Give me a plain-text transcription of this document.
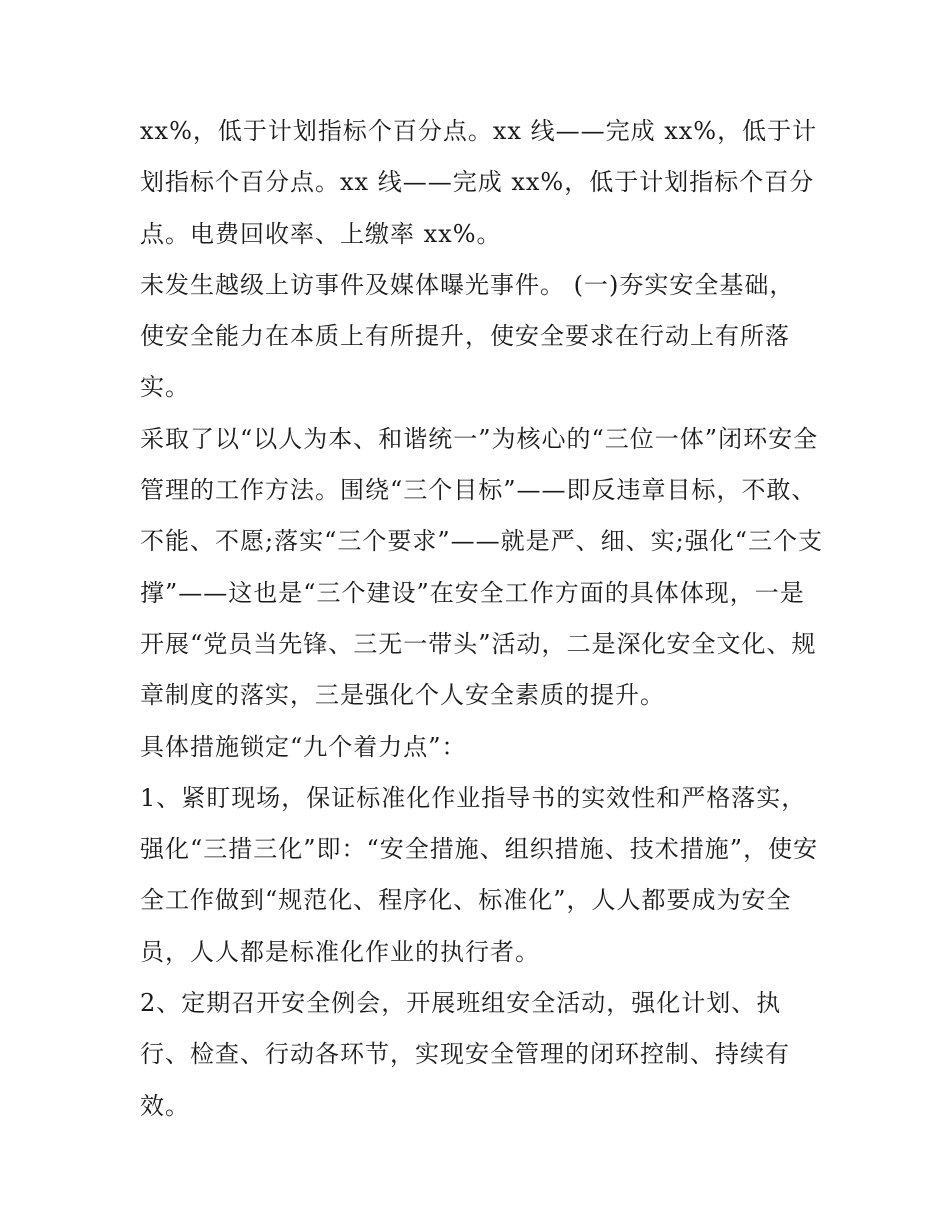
xx%，低于计划指标个百分点。xx 线——完成 xx%，低于计
划指标个百分点。xx 线——完成 xx%，低于计划指标个百分
点。电费回收率、上缴率 xx%。
未发生越级上访事件及媒体曝光事件。 (一)夯实安全基础，
使安全能力在本质上有所提升，使安全要求在行动上有所落
实。
采取了以“以人为本、和谐统一”为核心的“三位一体”闭环安全
管理的工作方法。围绕“三个目标”——即反违章目标，不敢、
不能、不愿;落实“三个要求”——就是严、细、实;强化“三个支
撑”——这也是“三个建设”在安全工作方面的具体体现，一是
开展“党员当先锋、三无一带头”活动，二是深化安全文化、规
章制度的落实，三是强化个人安全素质的提升。
具体措施锁定“九个着力点”：
1、紧盯现场，保证标准化作业指导书的实效性和严格落实，
强化“三措三化”即：“安全措施、组织措施、技术措施”，使安
全工作做到“规范化、程序化、标准化”，人人都要成为安全
员，人人都是标准化作业的执行者。
2、定期召开安全例会，开展班组安全活动，强化计划、执
行、检查、行动各环节，实现安全管理的闭环控制、持续有
效。
